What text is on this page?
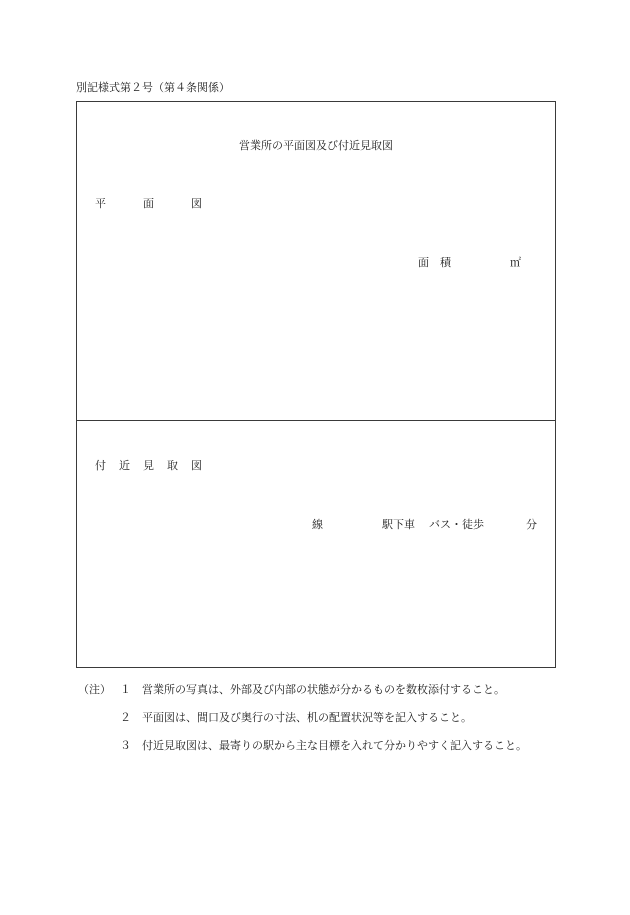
別記様式第２号（第４条関係）
営業所の平面図及び付近見取図
平	面	図
面 積	㎡
付 近 見 取 図
線	駅下車 バス・徒歩	分
（注） １ 営業所の写真は、外部及び内部の状態が分かるものを数枚添付すること。
２ 平面図は、間口及び奥行の寸法、机の配置状況等を記入すること。
３ 付近見取図は、最寄りの駅から主な目標を入れて分かりやすく記入すること。
